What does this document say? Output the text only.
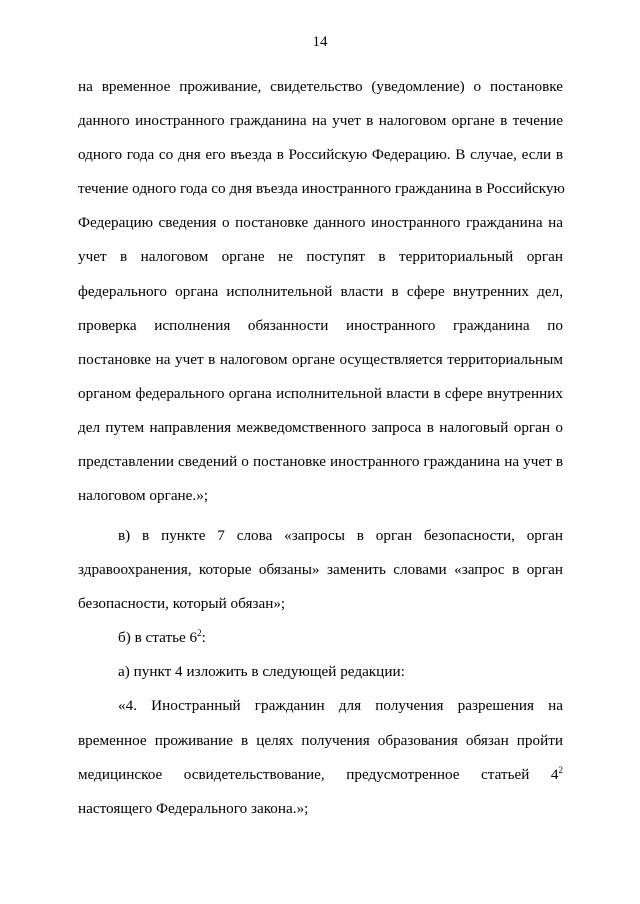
14
на временное проживание, свидетельство (уведомление) о постановке
данного иностранного гражданина на учет в налоговом органе в течение
одного года со дня его въезда в Российскую Федерацию. В случае, если в
течение одного года со дня въезда иностранного гражданина в Российскую
Федерацию сведения о постановке данного иностранного гражданина на
учет в налоговом органе не поступят в территориальный орган
федерального органа исполнительной власти в сфере внутренних дел,
проверка исполнения обязанности иностранного гражданина по
постановке на учет в налоговом органе осуществляется территориальным
органом федерального органа исполнительной власти в сфере внутренних
дел путем направления межведомственного запроса в налоговый орган о
представлении сведений о постановке иностранного гражданина на учет в
налоговом органе.»;
в) в пункте 7 слова «запросы в орган безопасности, орган
здравоохранения, которые обязаны» заменить словами «запрос в орган
безопасности, который обязан»;
б) в статье $6^2$:
а) пункт 4 изложить в следующей редакции:
«4. Иностранный гражданин для получения разрешения на
временное проживание в целях получения образования обязан пройти
медицинское освидетельствование, предусмотренное статьей $4^2$
настоящего Федерального закона.»;
